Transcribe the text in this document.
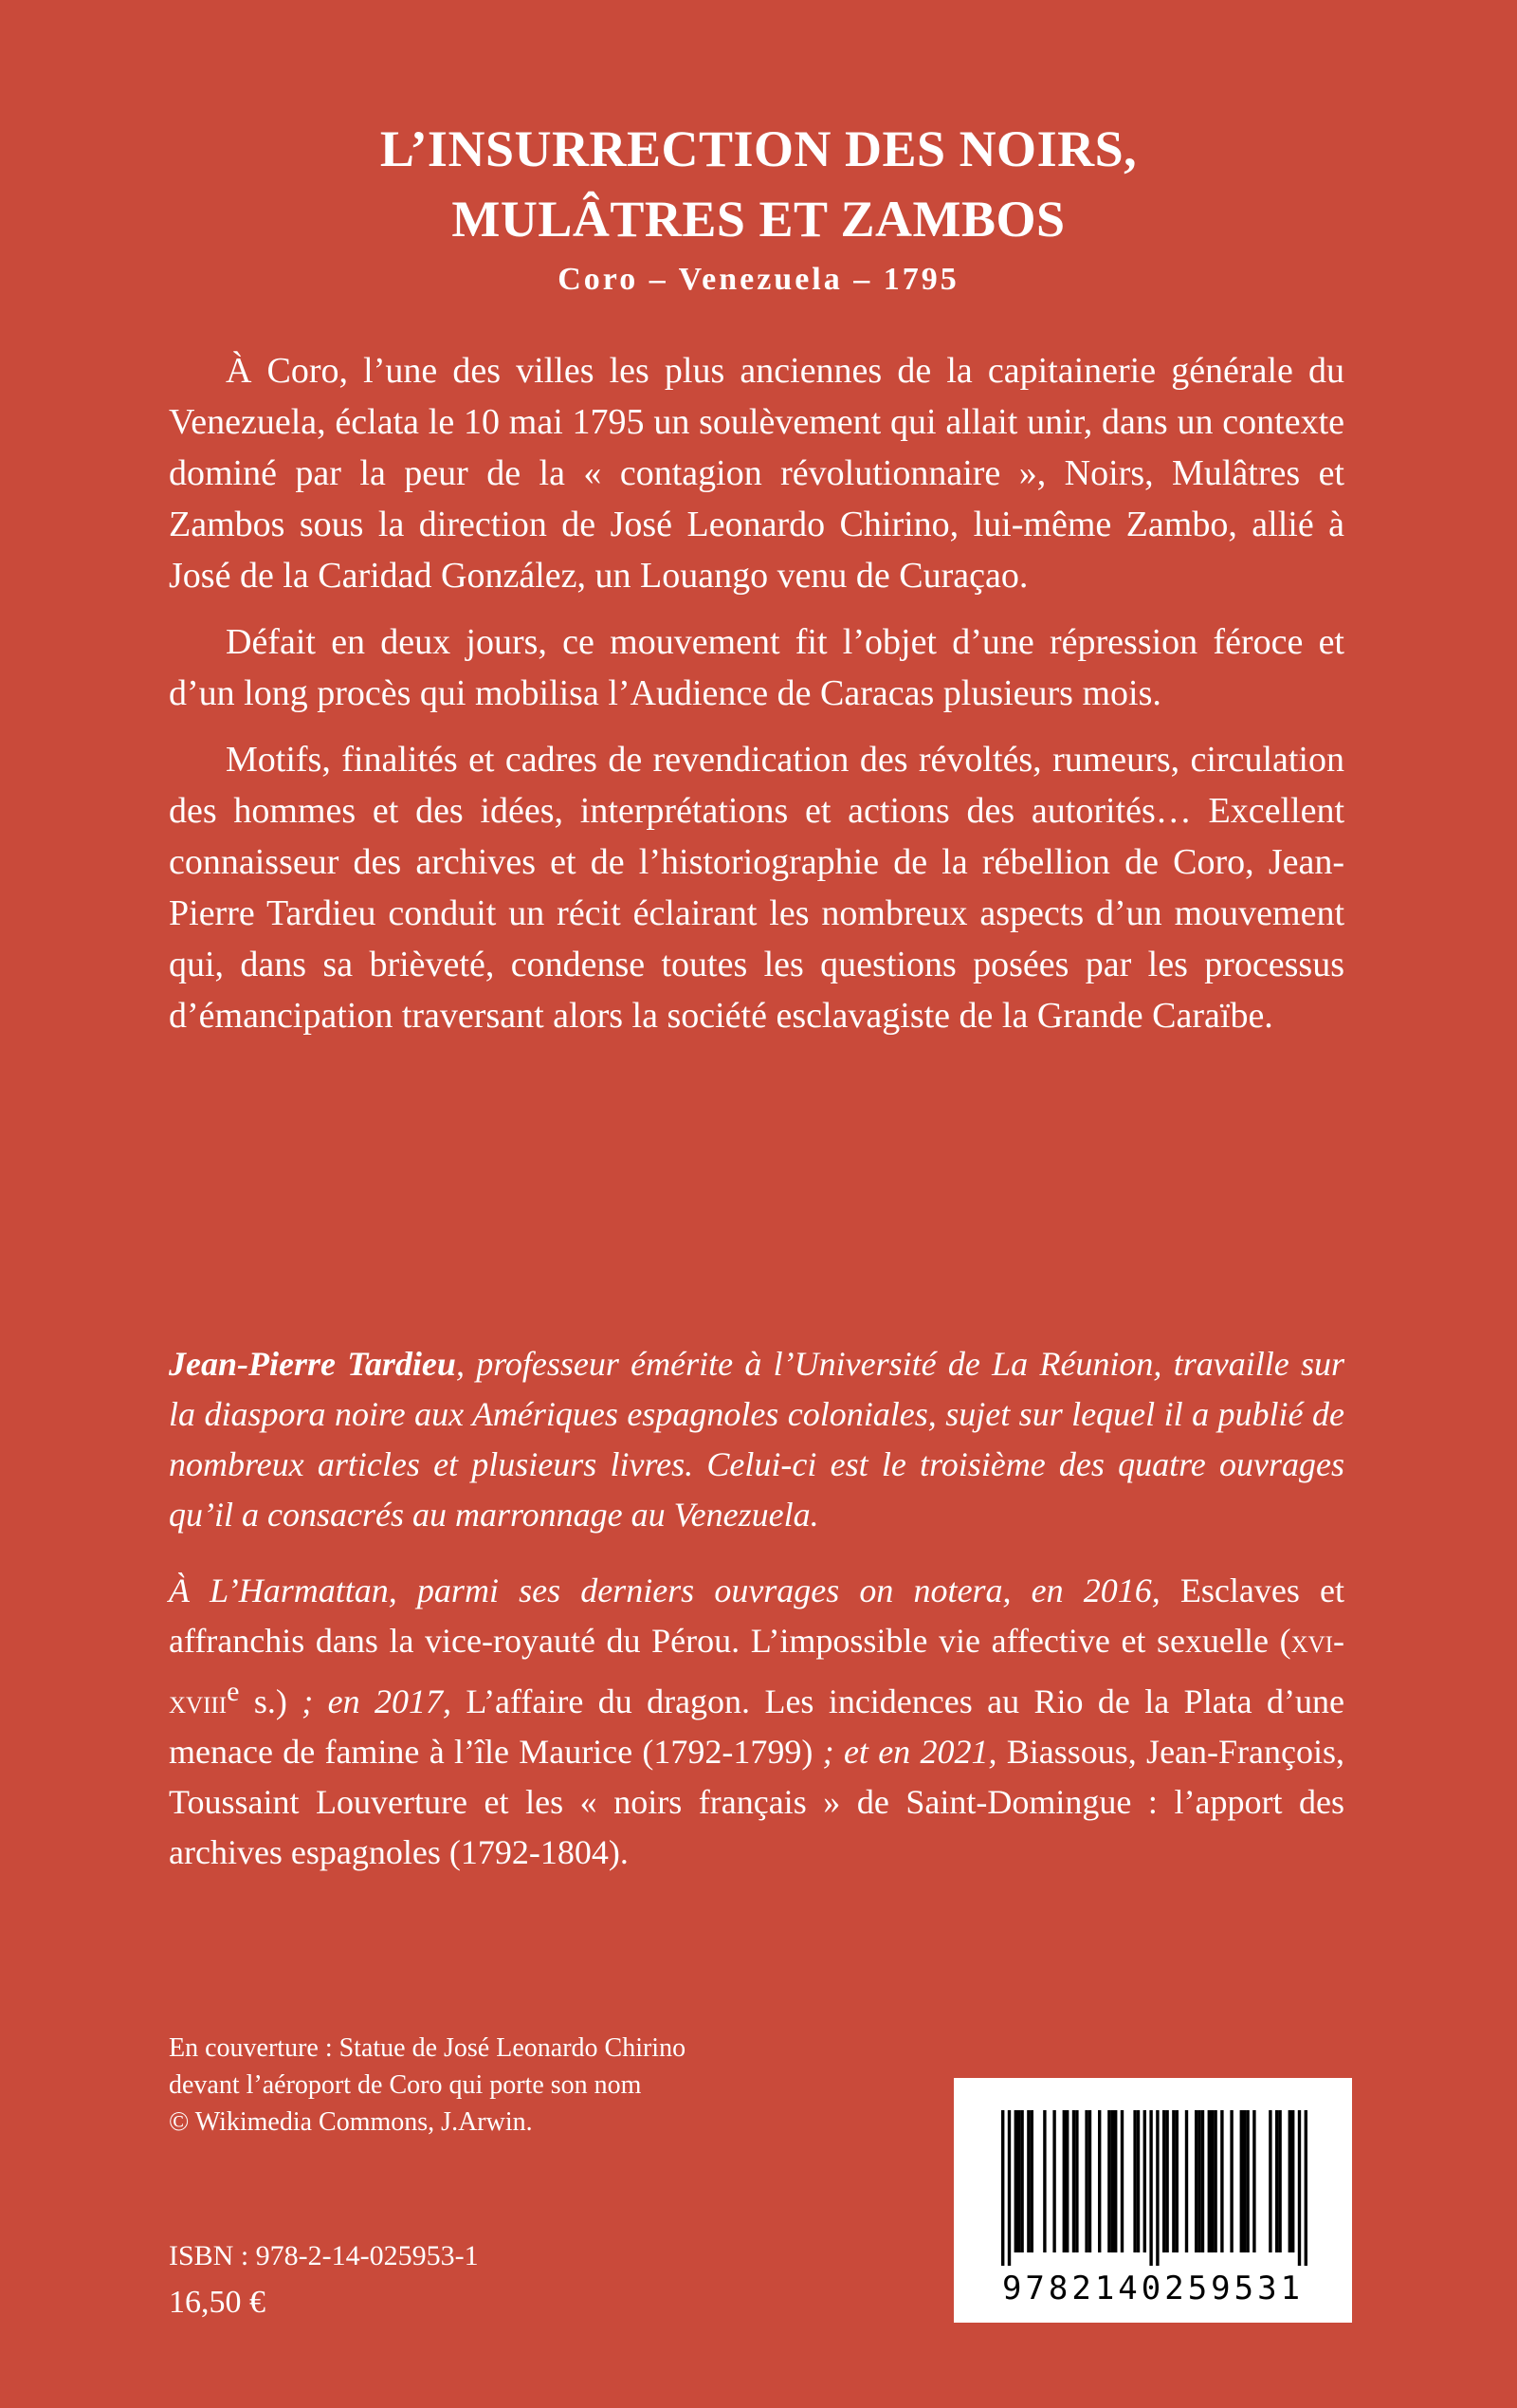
L’INSURRECTION DES NOIRS,
MULÂTRES ET ZAMBOS
Coro – Venezuela – 1795

À Coro, l’une des villes les plus anciennes de la capitainerie générale du Venezuela, éclata le 10 mai 1795 un soulèvement qui allait unir, dans un contexte dominé par la peur de la « contagion révolutionnaire », Noirs, Mulâtres et Zambos sous la direction de José Leonardo Chirino, lui-même Zambo, allié à José de la Caridad González, un Louango venu de Curaçao.

Défait en deux jours, ce mouvement fit l’objet d’une répression féroce et d’un long procès qui mobilisa l’Audience de Caracas plusieurs mois.

Motifs, finalités et cadres de revendication des révoltés, rumeurs, circulation des hommes et des idées, interprétations et actions des autorités… Excellent connaisseur des archives et de l’historiographie de la rébellion de Coro, Jean-Pierre Tardieu conduit un récit éclairant les nombreux aspects d’un mouvement qui, dans sa brièveté, condense toutes les questions posées par les processus d’émancipation traversant alors la société esclavagiste de la Grande Caraïbe.

Jean-Pierre Tardieu, professeur émérite à l’Université de La Réunion, travaille sur la diaspora noire aux Amériques espagnoles coloniales, sujet sur lequel il a publié de nombreux articles et plusieurs livres. Celui-ci est le troisième des quatre ouvrages qu’il a consacrés au marronnage au Venezuela.

À L’Harmattan, parmi ses derniers ouvrages on notera, en 2016, Esclaves et affranchis dans la vice-royauté du Pérou. L’impossible vie affective et sexuelle (xvi-xviii$^e$ s.) ; en 2017, L’affaire du dragon. Les incidences au Rio de la Plata d’une menace de famine à l’île Maurice (1792-1799) ; et en 2021, Biassous, Jean-François, Toussaint Louverture et les « noirs français » de Saint-Domingue : l’apport des archives espagnoles (1792-1804).

En couverture : Statue de José Leonardo Chirino
devant l’aéroport de Coro qui porte son nom
© Wikimedia Commons, J.Arwin.
ISBN : 978-2-14-025953-1
16,50 €	9782140259531
